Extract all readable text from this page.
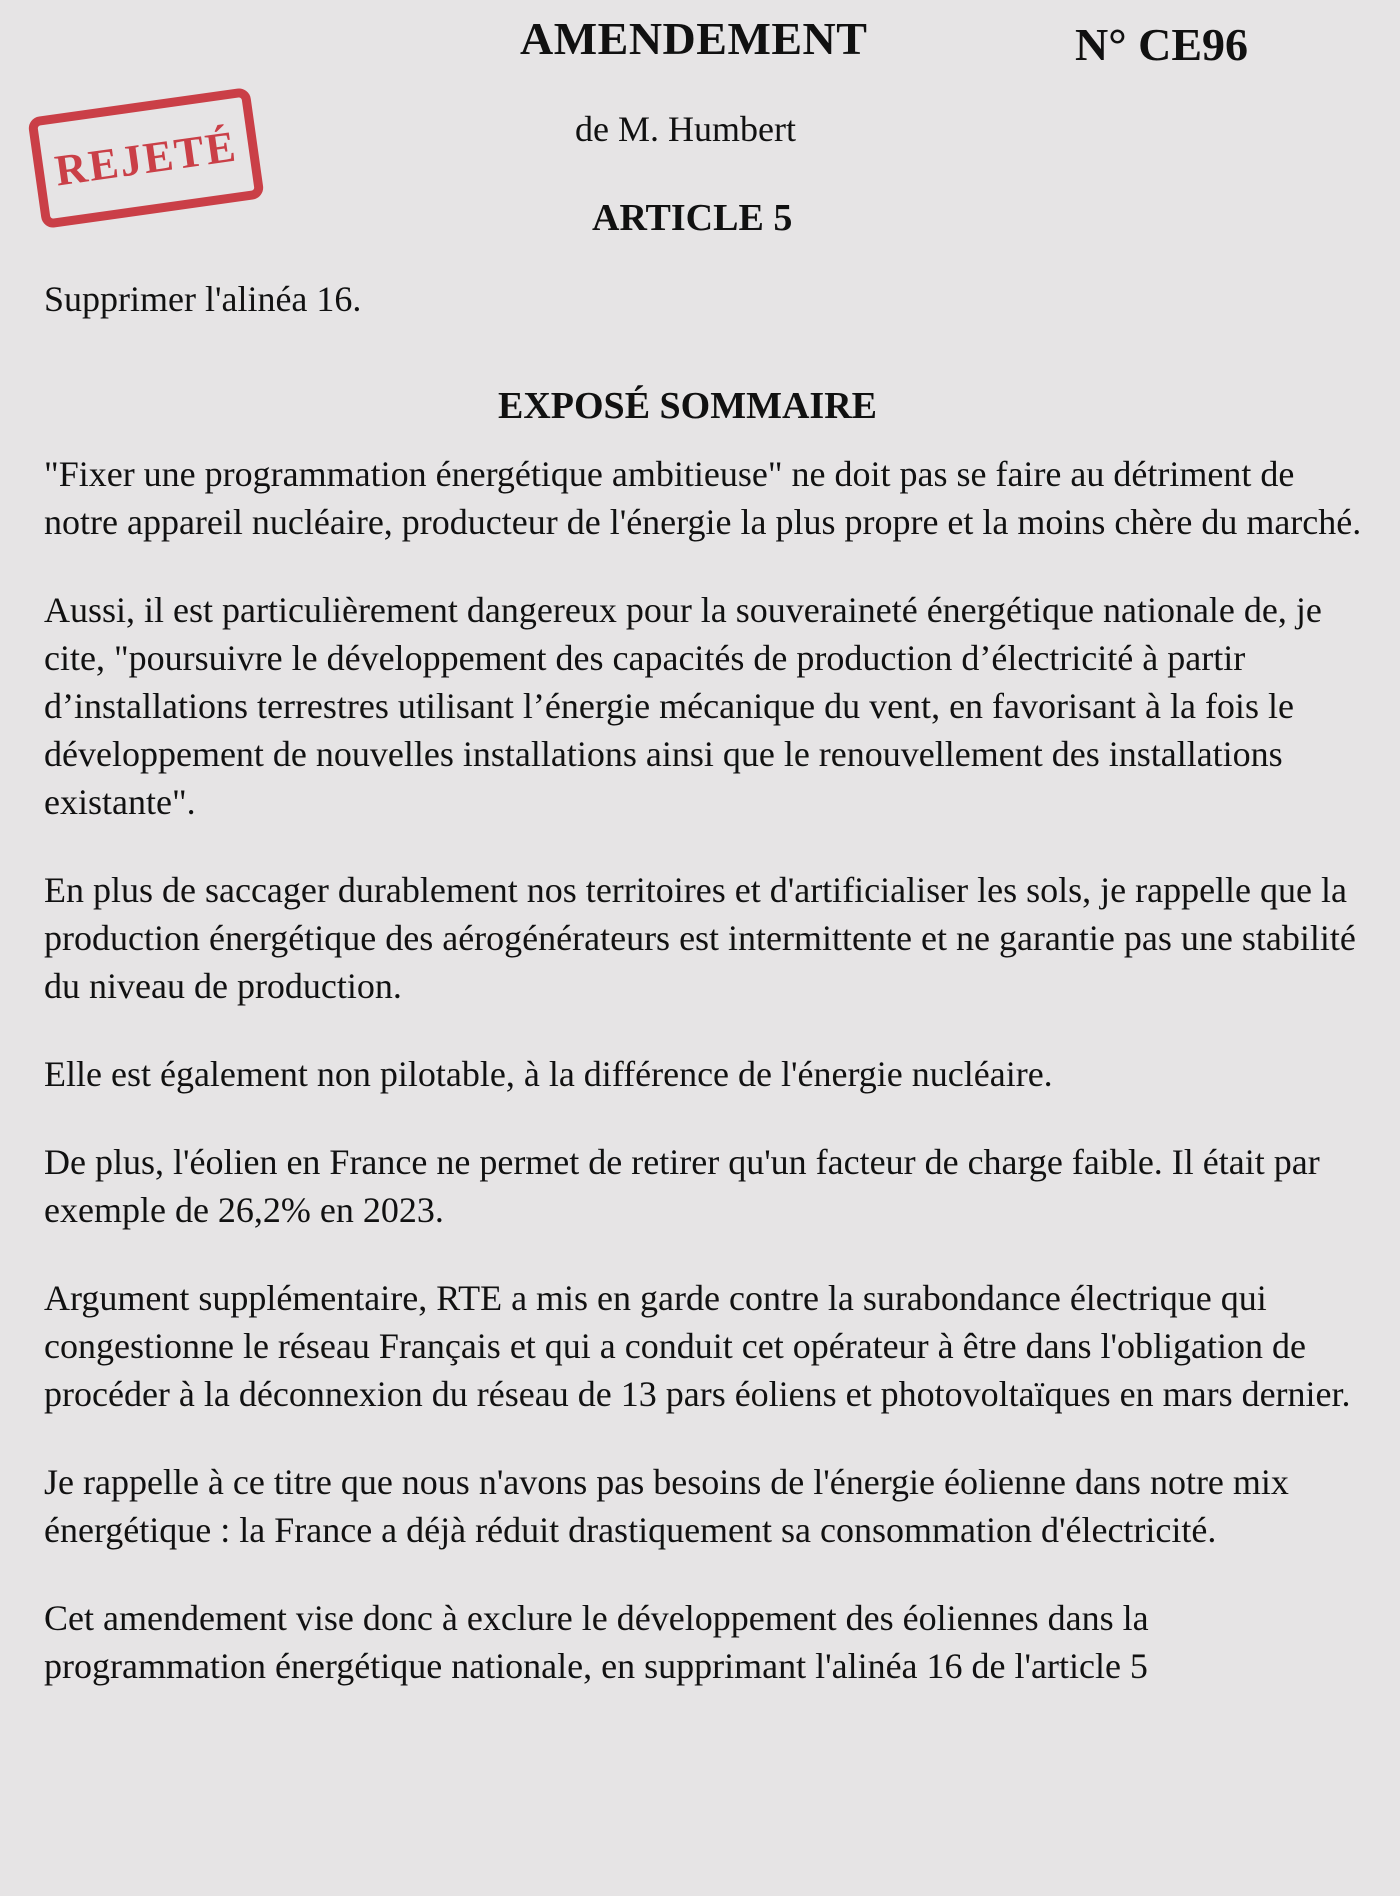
AMENDEMENT	N° CE96
REJETÉ	de M. Humbert
ARTICLE 5

Supprimer l'alinéa 16.

EXPOSÉ SOMMAIRE

"Fixer une programmation énergétique ambitieuse" ne doit pas se faire au détriment de notre appareil nucléaire, producteur de l'énergie la plus propre et la moins chère du marché.

Aussi, il est particulièrement dangereux pour la souveraineté énergétique nationale de, je cite, "poursuivre le développement des capacités de production d’électricité à partir d’installations terrestres utilisant l’énergie mécanique du vent, en favorisant à la fois le développement de nouvelles installations ainsi que le renouvellement des installations existante".

En plus de saccager durablement nos territoires et d'artificialiser les sols, je rappelle que la production énergétique des aérogénérateurs est intermittente et ne garantie pas une stabilité du niveau de production.

Elle est également non pilotable, à la différence de l'énergie nucléaire.

De plus, l'éolien en France ne permet de retirer qu'un facteur de charge faible. Il était par exemple de 26,2% en 2023.

Argument supplémentaire, RTE a mis en garde contre la surabondance électrique qui congestionne le réseau Français et qui a conduit cet opérateur à être dans l'obligation de procéder à la déconnexion du réseau de 13 pars éoliens et photovoltaïques en mars dernier.

Je rappelle à ce titre que nous n'avons pas besoins de l'énergie éolienne dans notre mix énergétique : la France a déjà réduit drastiquement sa consommation d'électricité.

Cet amendement vise donc à exclure le développement des éoliennes dans la programmation énergétique nationale, en supprimant l'alinéa 16 de l'article 5
